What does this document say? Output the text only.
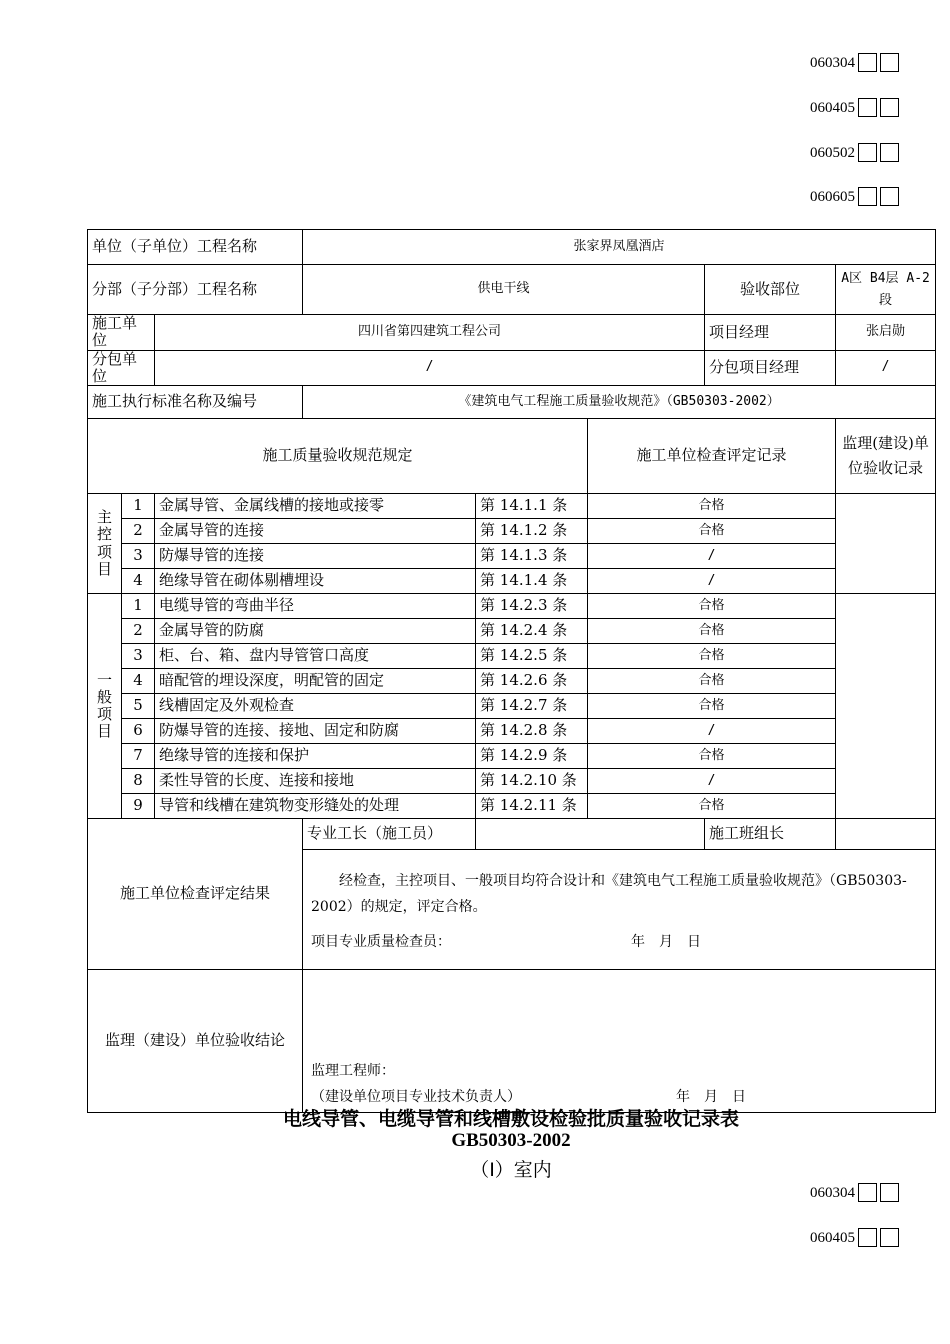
060304
060405
060502
060605
单位（子单位）工程名称			张家界凤凰酒店				
分部（子分部）工程名称			供电干线			验收部位	A区 B4层 A-2段
施工单位		四川省第四建筑工程公司				项目经理	张启勋
分包单位		/				分包项目经理	/
施工执行标准名称及编号			《建筑电气工程施工质量验收规范》（GB50303-2002）				
施工质量验收规范规定					施工单位检查评定记录		监理(建设)单位验收记录

主
控
项
目	1	金属导管、金属线槽的接地或接零		第 14.1.1 条	合格		
	2	金属导管的连接		第 14.1.2 条	合格		
	3	防爆导管的连接		第 14.1.3 条	/		
	4	绝缘导管在砌体剔槽埋设		第 14.1.4 条	/		

一
般
项
目	1	电缆导管的弯曲半径		第 14.2.3 条	合格		
	2	金属导管的防腐		第 14.2.4 条	合格		
	3	柜、台、箱、盘内导管管口高度		第 14.2.5 条	合格		
	4	暗配管的埋设深度，明配管的固定		第 14.2.6 条	合格		
	5	线槽固定及外观检查		第 14.2.7 条	合格		
	6	防爆导管的连接、接地、固定和防腐		第 14.2.8 条	/		
	7	绝缘导管的连接和保护		第 14.2.9 条	合格		
	8	柔性导管的长度、连接和接地		第 14.2.10 条	/		
	9	导管和线槽在建筑物变形缝处的处理		第 14.2.11 条	合格		
施工单位检查评定结果			专业工长（施工员）			施工班组长	

			经检查，主控项目、一般项目均符合设计和《建筑电气工程施工质量验收规范》（GB50303-2002）的规定，评定合格。
项目专业质量检查员： 年　月　日				

监理（建设）单位验收结论			监理工程师：
（建设单位项目专业技术负责人） 年　月　日				
电线导管、电缆导管和线槽敷设检验批质量验收记录表
GB50303-2002
（Ⅰ）室内
060304
060405
